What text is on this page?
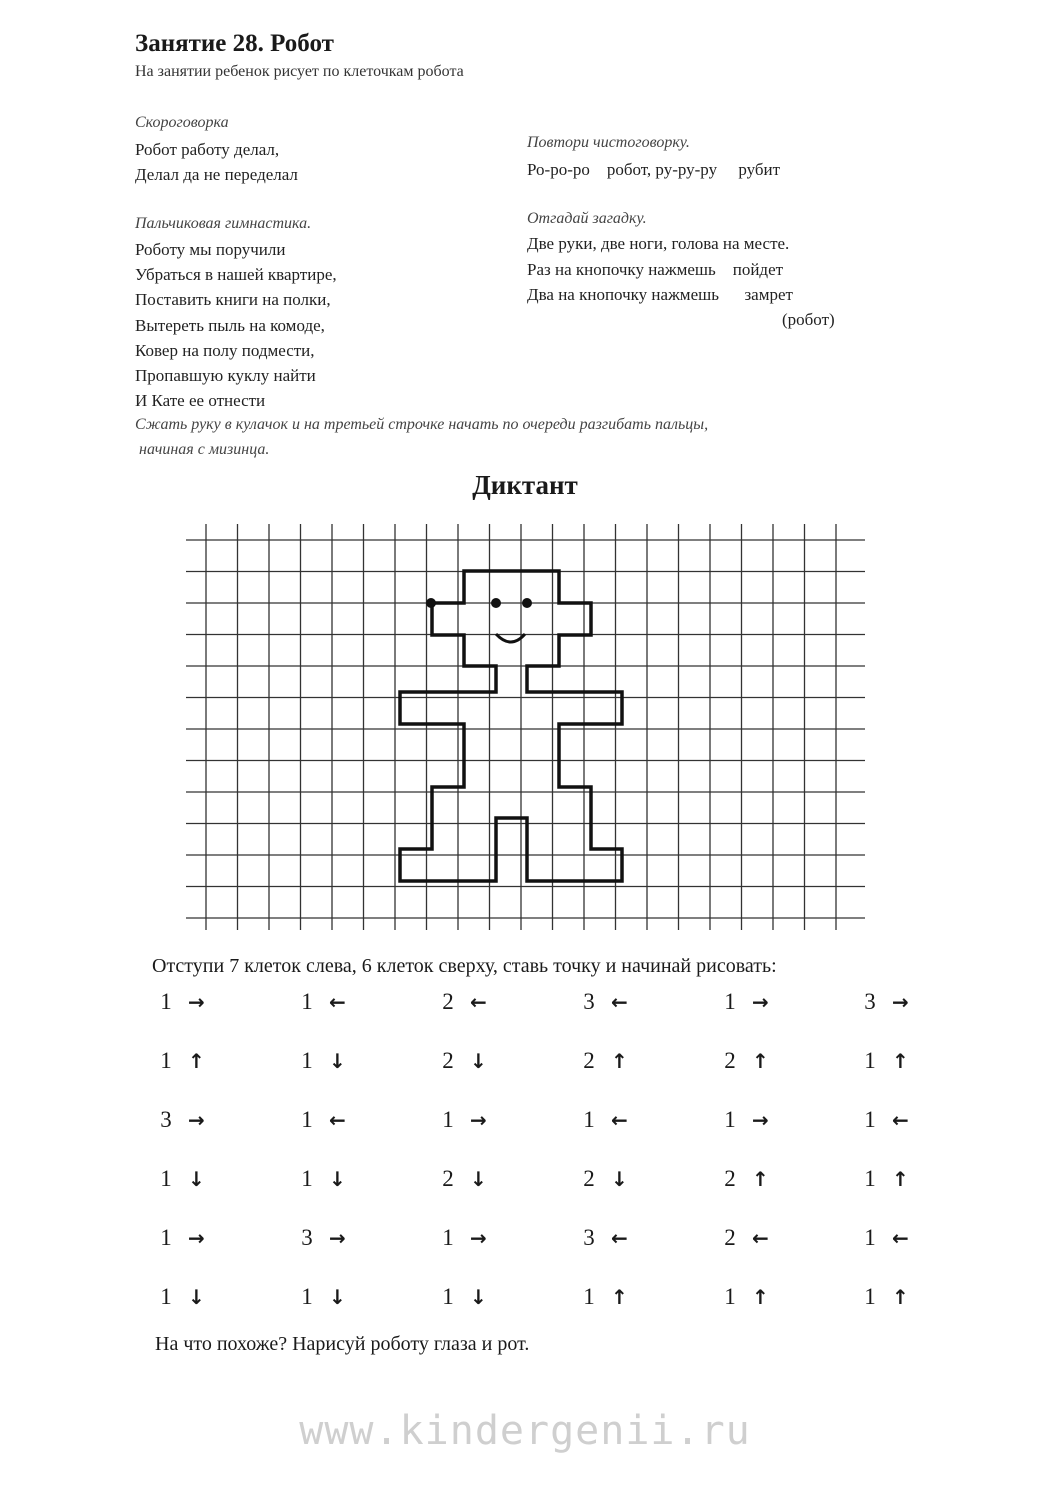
Занятие 28. Робот
На занятии ребенок рисует по клеточкам робота
Скороговорка
Робот работу делал,
Делал да не переделал
Пальчиковая гимнастика.
Роботу мы поручили
Убраться в нашей квартире,
Поставить книги на полки,
Вытереть пыль на комоде,
Ковер на полу подмести,
Пропавшую куклу найти
И Кате ее отнести
Сжать руку в кулачок и на третьей строчке начать по очереди разгибать пальцы,
начиная с мизинца.
Повтори чистоговорку.
Ро-ро-ро    робот, ру-ру-ру     рубит
Отгадай загадку.
Две руки, две ноги, голова на месте.
Раз на кнопочку нажмешь    пойдет
Два на кнопочку нажмешь      замрет
(робот)
Диктант
Отступи 7 клеток слева, 6 клеток сверху, ставь точку и начинай рисовать:
1 →
1 ↑
3 →
1 ↓
1 →
1 ↓
1 ←
1 ↓
1 ←
1 ↓
3 →
1 ↓
2 ←
2 ↓
1 →
2 ↓
1 →
1 ↓
3 ←
2 ↑
1 ←
2 ↓
3 ←
1 ↑
1 →
2 ↑
1 →
2 ↑
2 ←
1 ↑
3 →
1 ↑
1 ←
1 ↑
1 ←
1 ↑
На что похоже? Нарисуй роботу глаза и рот.
www.kindergenii.ru
